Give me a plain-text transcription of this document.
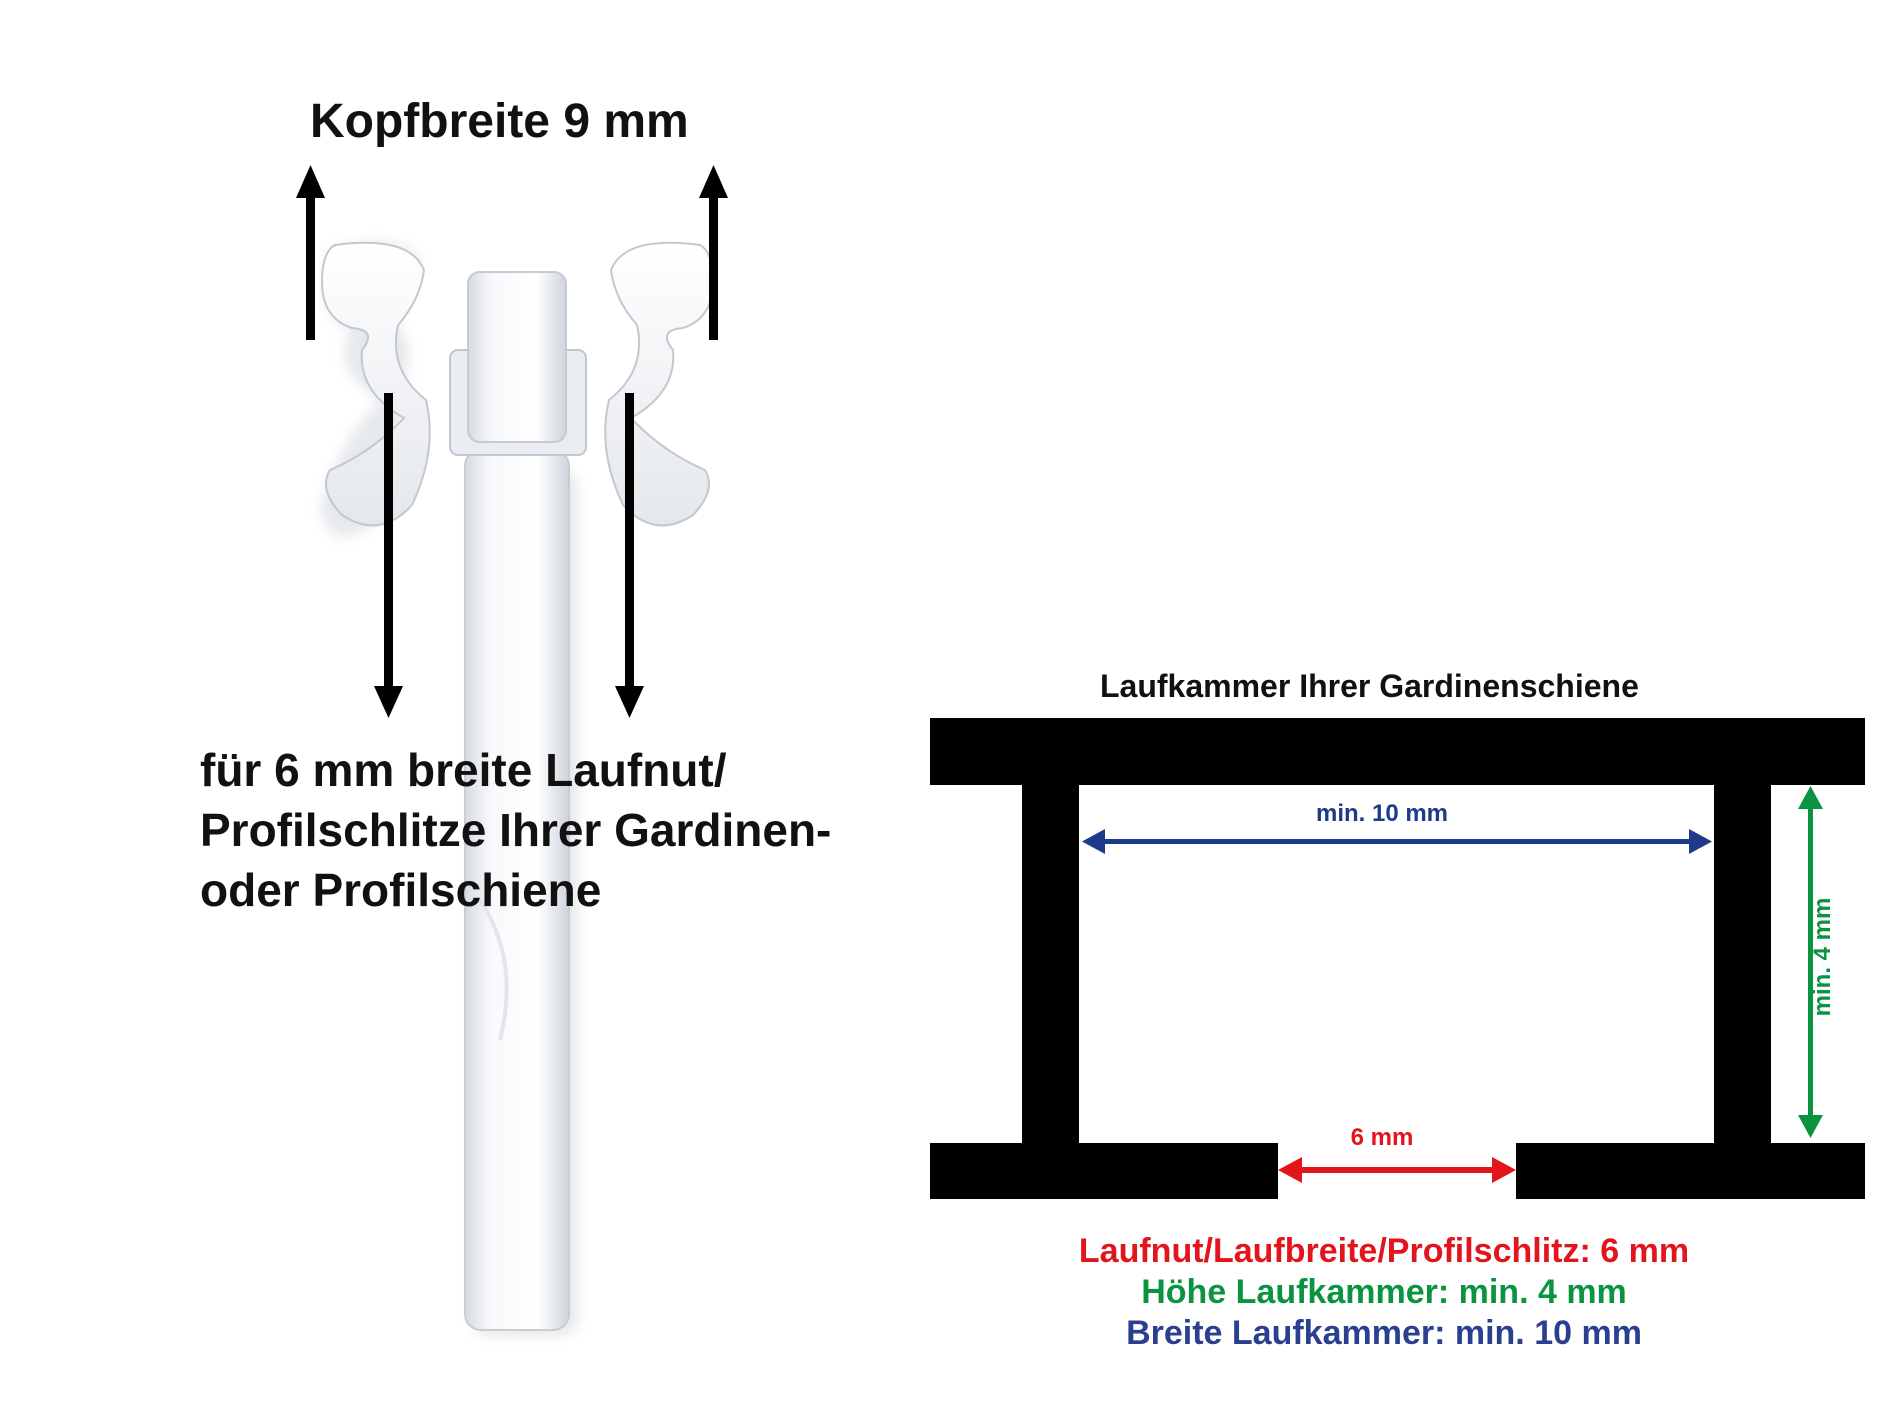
Kopfbreite 9 mm
für 6 mm breite Laufnut/
Profilschlitze Ihrer Gardinen-
oder Profilschiene
Laufkammer Ihrer Gardinenschiene
min. 10 mm
6 mm
min. 4 mm
Laufnut/Laufbreite/Profilschlitz: 6 mm
Höhe Laufkammer: min. 4 mm
Breite Laufkammer: min. 10 mm
